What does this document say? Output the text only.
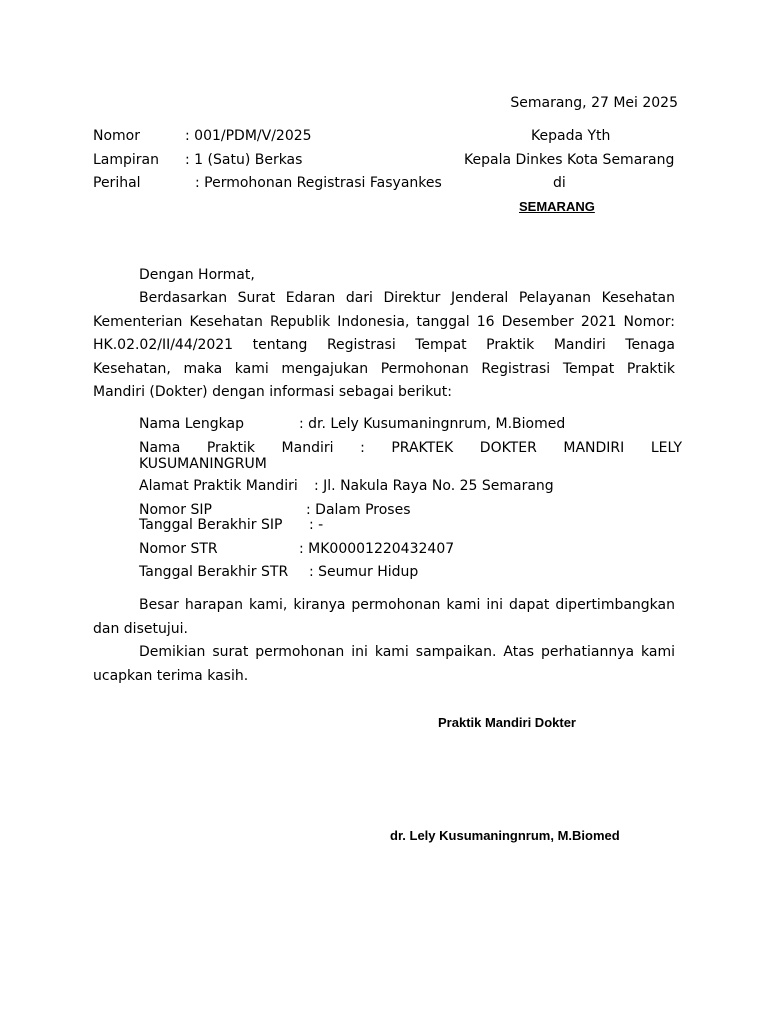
Semarang, 27 Mei 2025
Nomor	: 001/PDM/V/2025
Lampiran : 1 (Satu) Berkas
Perihal	: Permohonan Registrasi Fasyankes
Kepada Yth
Kepala Dinkes Kota Semarang
di
SEMARANG
Dengan Hormat,
Berdasarkan Surat Edaran dari Direktur Jenderal Pelayanan Kesehatan
Kementerian Kesehatan Republik Indonesia, tanggal 16 Desember 2021 Nomor:
HK.02.02/II/44/2021 tentang Registrasi Tempat Praktik Mandiri Tenaga
Kesehatan, maka kami mengajukan Permohonan Registrasi Tempat Praktik
Mandiri (Dokter) dengan informasi sebagai berikut:
Nama Lengkap	: dr. Lely Kusumaningnrum, M.Biomed
Nama Praktik Mandiri : PRAKTEK DOKTER MANDIRI LELY
KUSUMANINGRUM
Alamat Praktik Mandiri : Jl. Nakula Raya No. 25 Semarang
Nomor SIP	: Dalam Proses
Tanggal Berakhir SIP : -
Nomor STR	: MK00001220432407
Tanggal Berakhir STR : Seumur Hidup
Besar harapan kami, kiranya permohonan kami ini dapat dipertimbangkan
dan disetujui.
Demikian surat permohonan ini kami sampaikan. Atas perhatiannya kami
ucapkan terima kasih.
Praktik Mandiri Dokter
dr. Lely Kusumaningnrum, M.Biomed
